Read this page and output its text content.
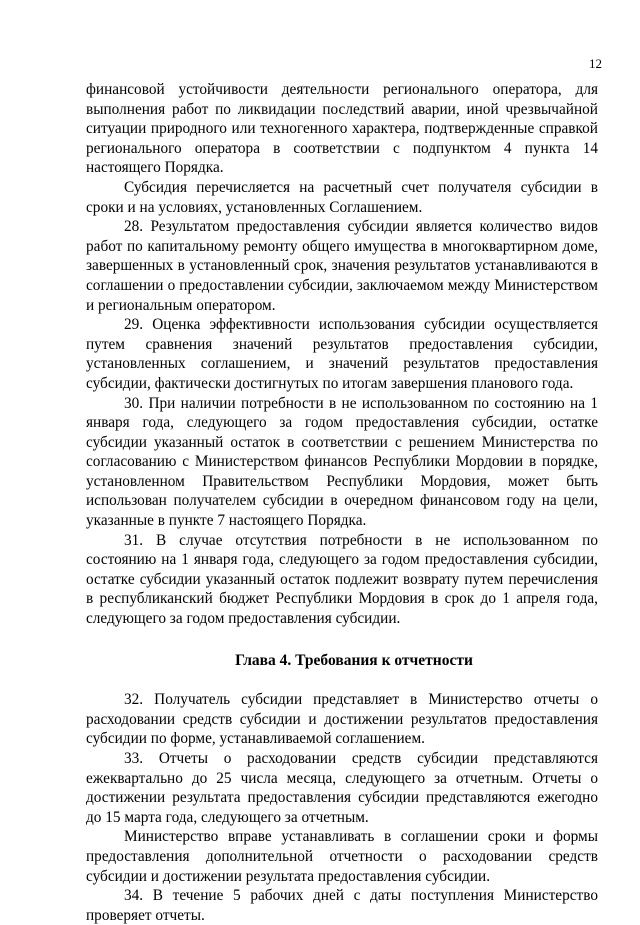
12

финансовой устойчивости деятельности регионального оператора, для выполнения работ по ликвидации последствий аварии, иной чрезвычайной ситуации природного или техногенного характера, подтвержденные справкой регионального оператора в соответствии с подпунктом 4 пункта 14 настоящего Порядка.

Субсидия перечисляется на расчетный счет получателя субсидии в сроки и на условиях, установленных Соглашением.

28. Результатом предоставления субсидии является количество видов работ по капитальному ремонту общего имущества в многоквартирном доме, завершенных в установленный срок, значения результатов устанавливаются в соглашении о предоставлении субсидии, заключаемом между Министерством и региональным оператором.

29. Оценка эффективности использования субсидии осуществляется путем сравнения значений результатов предоставления субсидии, установленных соглашением, и значений результатов предоставления субсидии, фактически достигнутых по итогам завершения планового года.

30. При наличии потребности в не использованном по состоянию на 1 января года, следующего за годом предоставления субсидии, остатке субсидии указанный остаток в соответствии с решением Министерства по согласованию с Министерством финансов Республики Мордовии в порядке, установленном Правительством Республики Мордовия, может быть использован получателем субсидии в очередном финансовом году на цели, указанные в пункте 7 настоящего Порядка.

31. В случае отсутствия потребности в не использованном по состоянию на 1 января года, следующего за годом предоставления субсидии, остатке субсидии указанный остаток подлежит возврату путем перечисления в республиканский бюджет Республики Мордовия в срок до 1 апреля года, следующего за годом предоставления субсидии.

Глава 4. Требования к отчетности

32. Получатель субсидии представляет в Министерство отчеты о расходовании средств субсидии и достижении результатов предоставления субсидии по форме, устанавливаемой соглашением.

33. Отчеты о расходовании средств субсидии представляются ежеквартально до 25 числа месяца, следующего за отчетным. Отчеты о достижении результата предоставления субсидии представляются ежегодно до 15 марта года, следующего за отчетным.

Министерство вправе устанавливать в соглашении сроки и формы предоставления дополнительной отчетности о расходовании средств субсидии и достижении результата предоставления субсидии.

34. В течение 5 рабочих дней с даты поступления Министерство проверяет отчеты.
